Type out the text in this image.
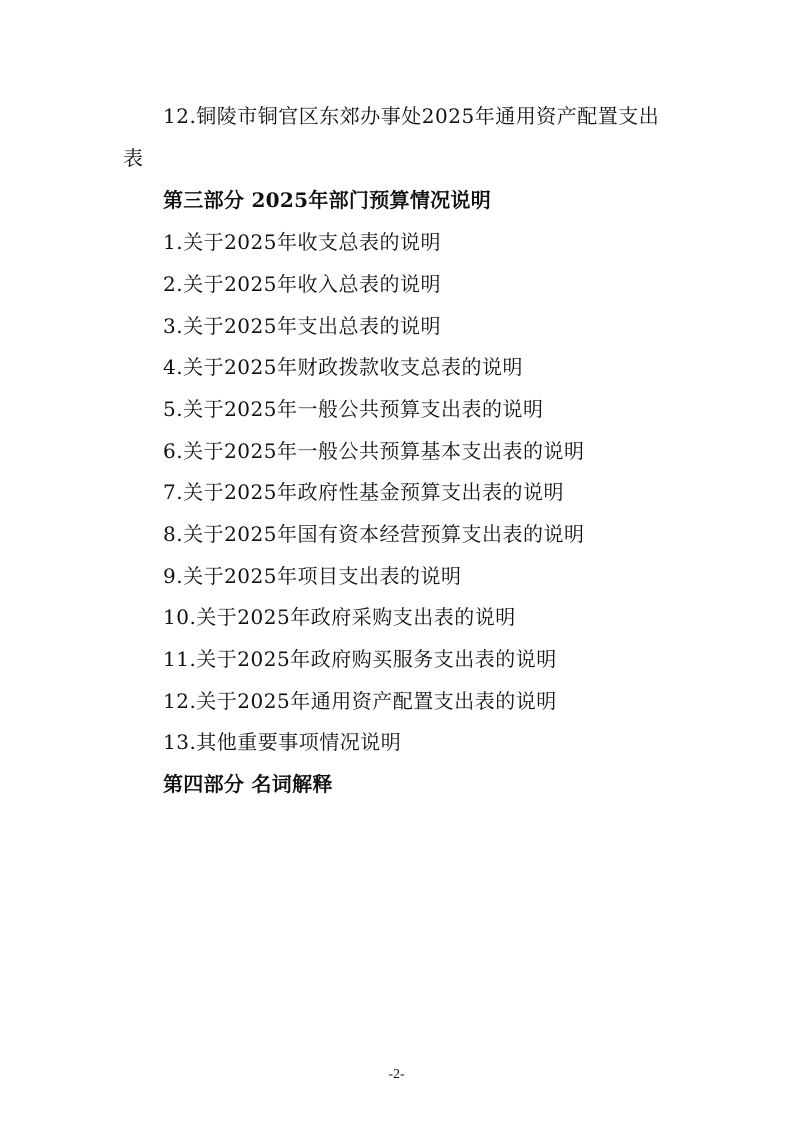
12.铜陵市铜官区东郊办事处2025年通用资产配置支出
表
第三部分 2025年部门预算情况说明
1.关于2025年收支总表的说明
2.关于2025年收入总表的说明
3.关于2025年支出总表的说明
4.关于2025年财政拨款收支总表的说明
5.关于2025年一般公共预算支出表的说明
6.关于2025年一般公共预算基本支出表的说明
7.关于2025年政府性基金预算支出表的说明
8.关于2025年国有资本经营预算支出表的说明
9.关于2025年项目支出表的说明
10.关于2025年政府采购支出表的说明
11.关于2025年政府购买服务支出表的说明
12.关于2025年通用资产配置支出表的说明
13.其他重要事项情况说明
第四部分 名词解释
-2-
